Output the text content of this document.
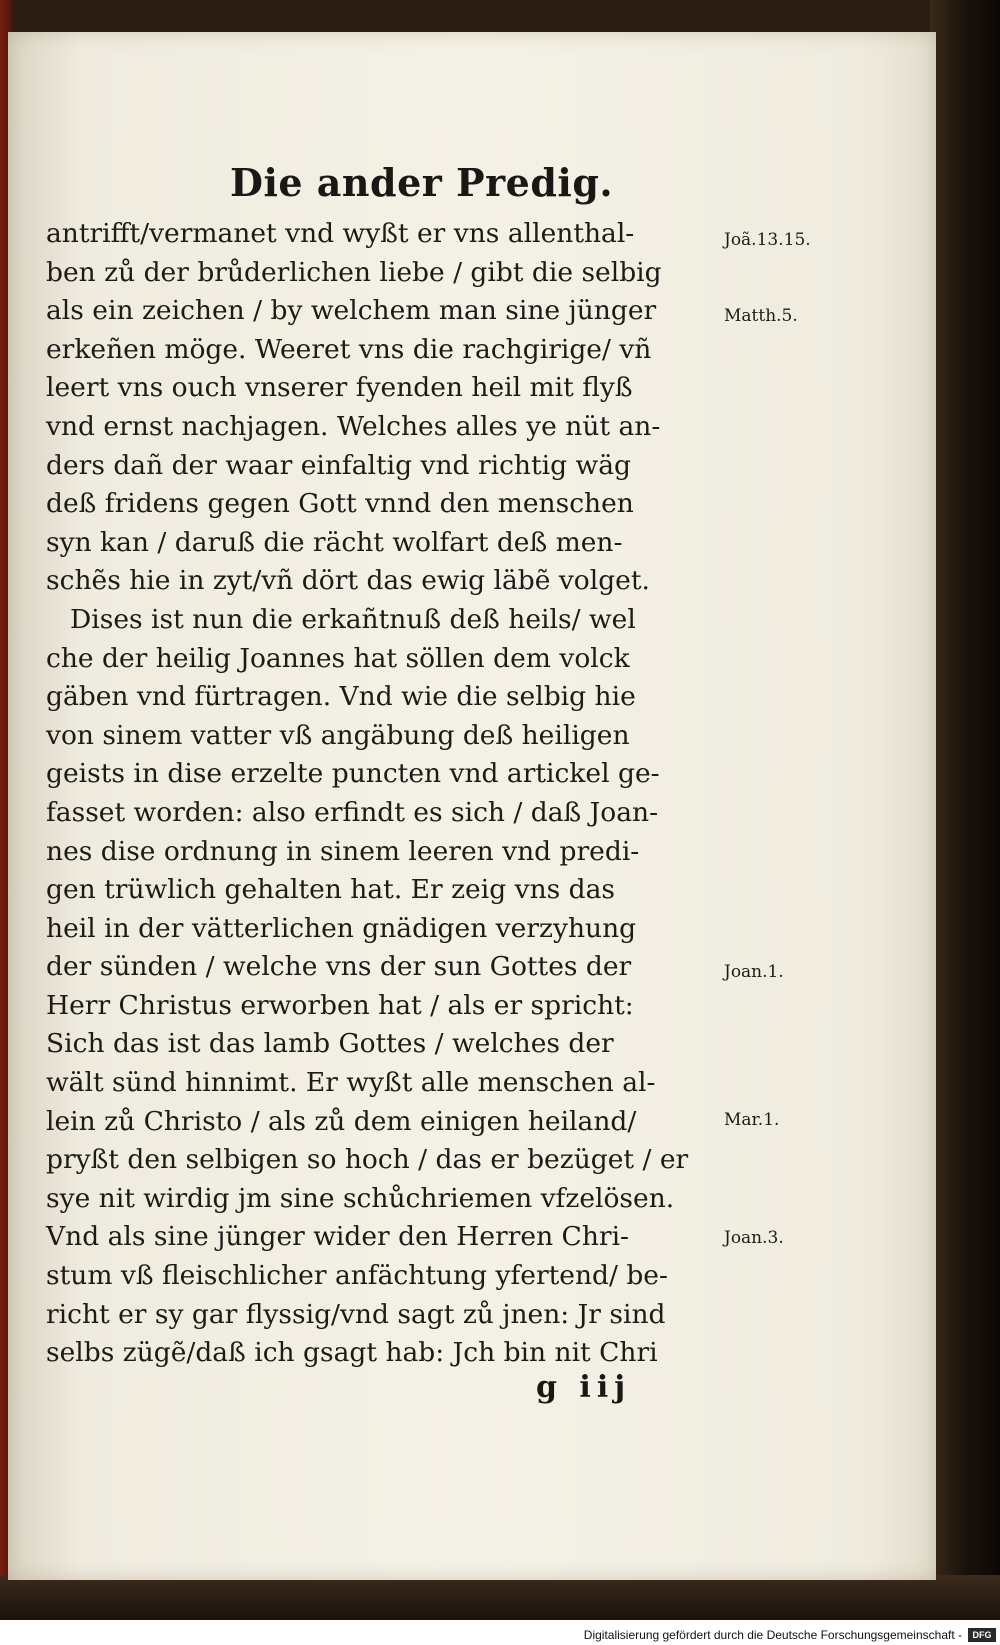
Die ander Predig.
antrifft/vermanet vnd wyßt er vns allenthal-
ben zů der brůderlichen liebe / gibt die selbig
als ein zeichen / by welchem man sine jünger
erkeñen möge. Weeret vns die rachgirige/ vñ
leert vns ouch vnserer fyenden heil mit flyß
vnd ernst nachjagen. Welches alles ye nüt an-
ders dañ der waar einfaltig vnd richtig wäg
deß fridens gegen Gott vnnd den menschen
syn kan / daruß die rächt wolfart deß men-
schẽs hie in zyt/vñ dört das ewig läbẽ volget.
Dises ist nun die erkañtnuß deß heils/ wel
che der heilig Joannes hat söllen dem volck
gäben vnd fürtragen. Vnd wie die selbig hie
von sinem vatter vß angäbung deß heiligen
geists in dise erzelte puncten vnd artickel ge-
fasset worden: also erfindt es sich / daß Joan-
nes dise ordnung in sinem leeren vnd predi-
gen trüwlich gehalten hat. Er zeig vns das
heil in der vätterlichen gnädigen verzyhung
der sünden / welche vns der sun Gottes der
Herr Christus erworben hat / als er spricht:
Sich das ist das lamb Gottes / welches der
wält sünd hinnimt. Er wyßt alle menschen al-
lein zů Christo / als zů dem einigen heiland/
pryßt den selbigen so hoch / das er bezüget / er
sye nit wirdig jm sine schůchriemen vfzelösen.
Vnd als sine jünger wider den Herren Chri-
stum vß fleischlicher anfächtung yfertend/ be-
richt er sy gar flyssig/vnd sagt zů jnen: Jr sind
selbs zügẽ/daß ich gsagt hab: Jch bin nit Chri
Joã.13.15.
Matth.5.
Joan.1.
Mar.1.
Joan.3.
g iij
Digitalisierung gefördert durch die Deutsche Forschungsgemeinschaft -	DFG
